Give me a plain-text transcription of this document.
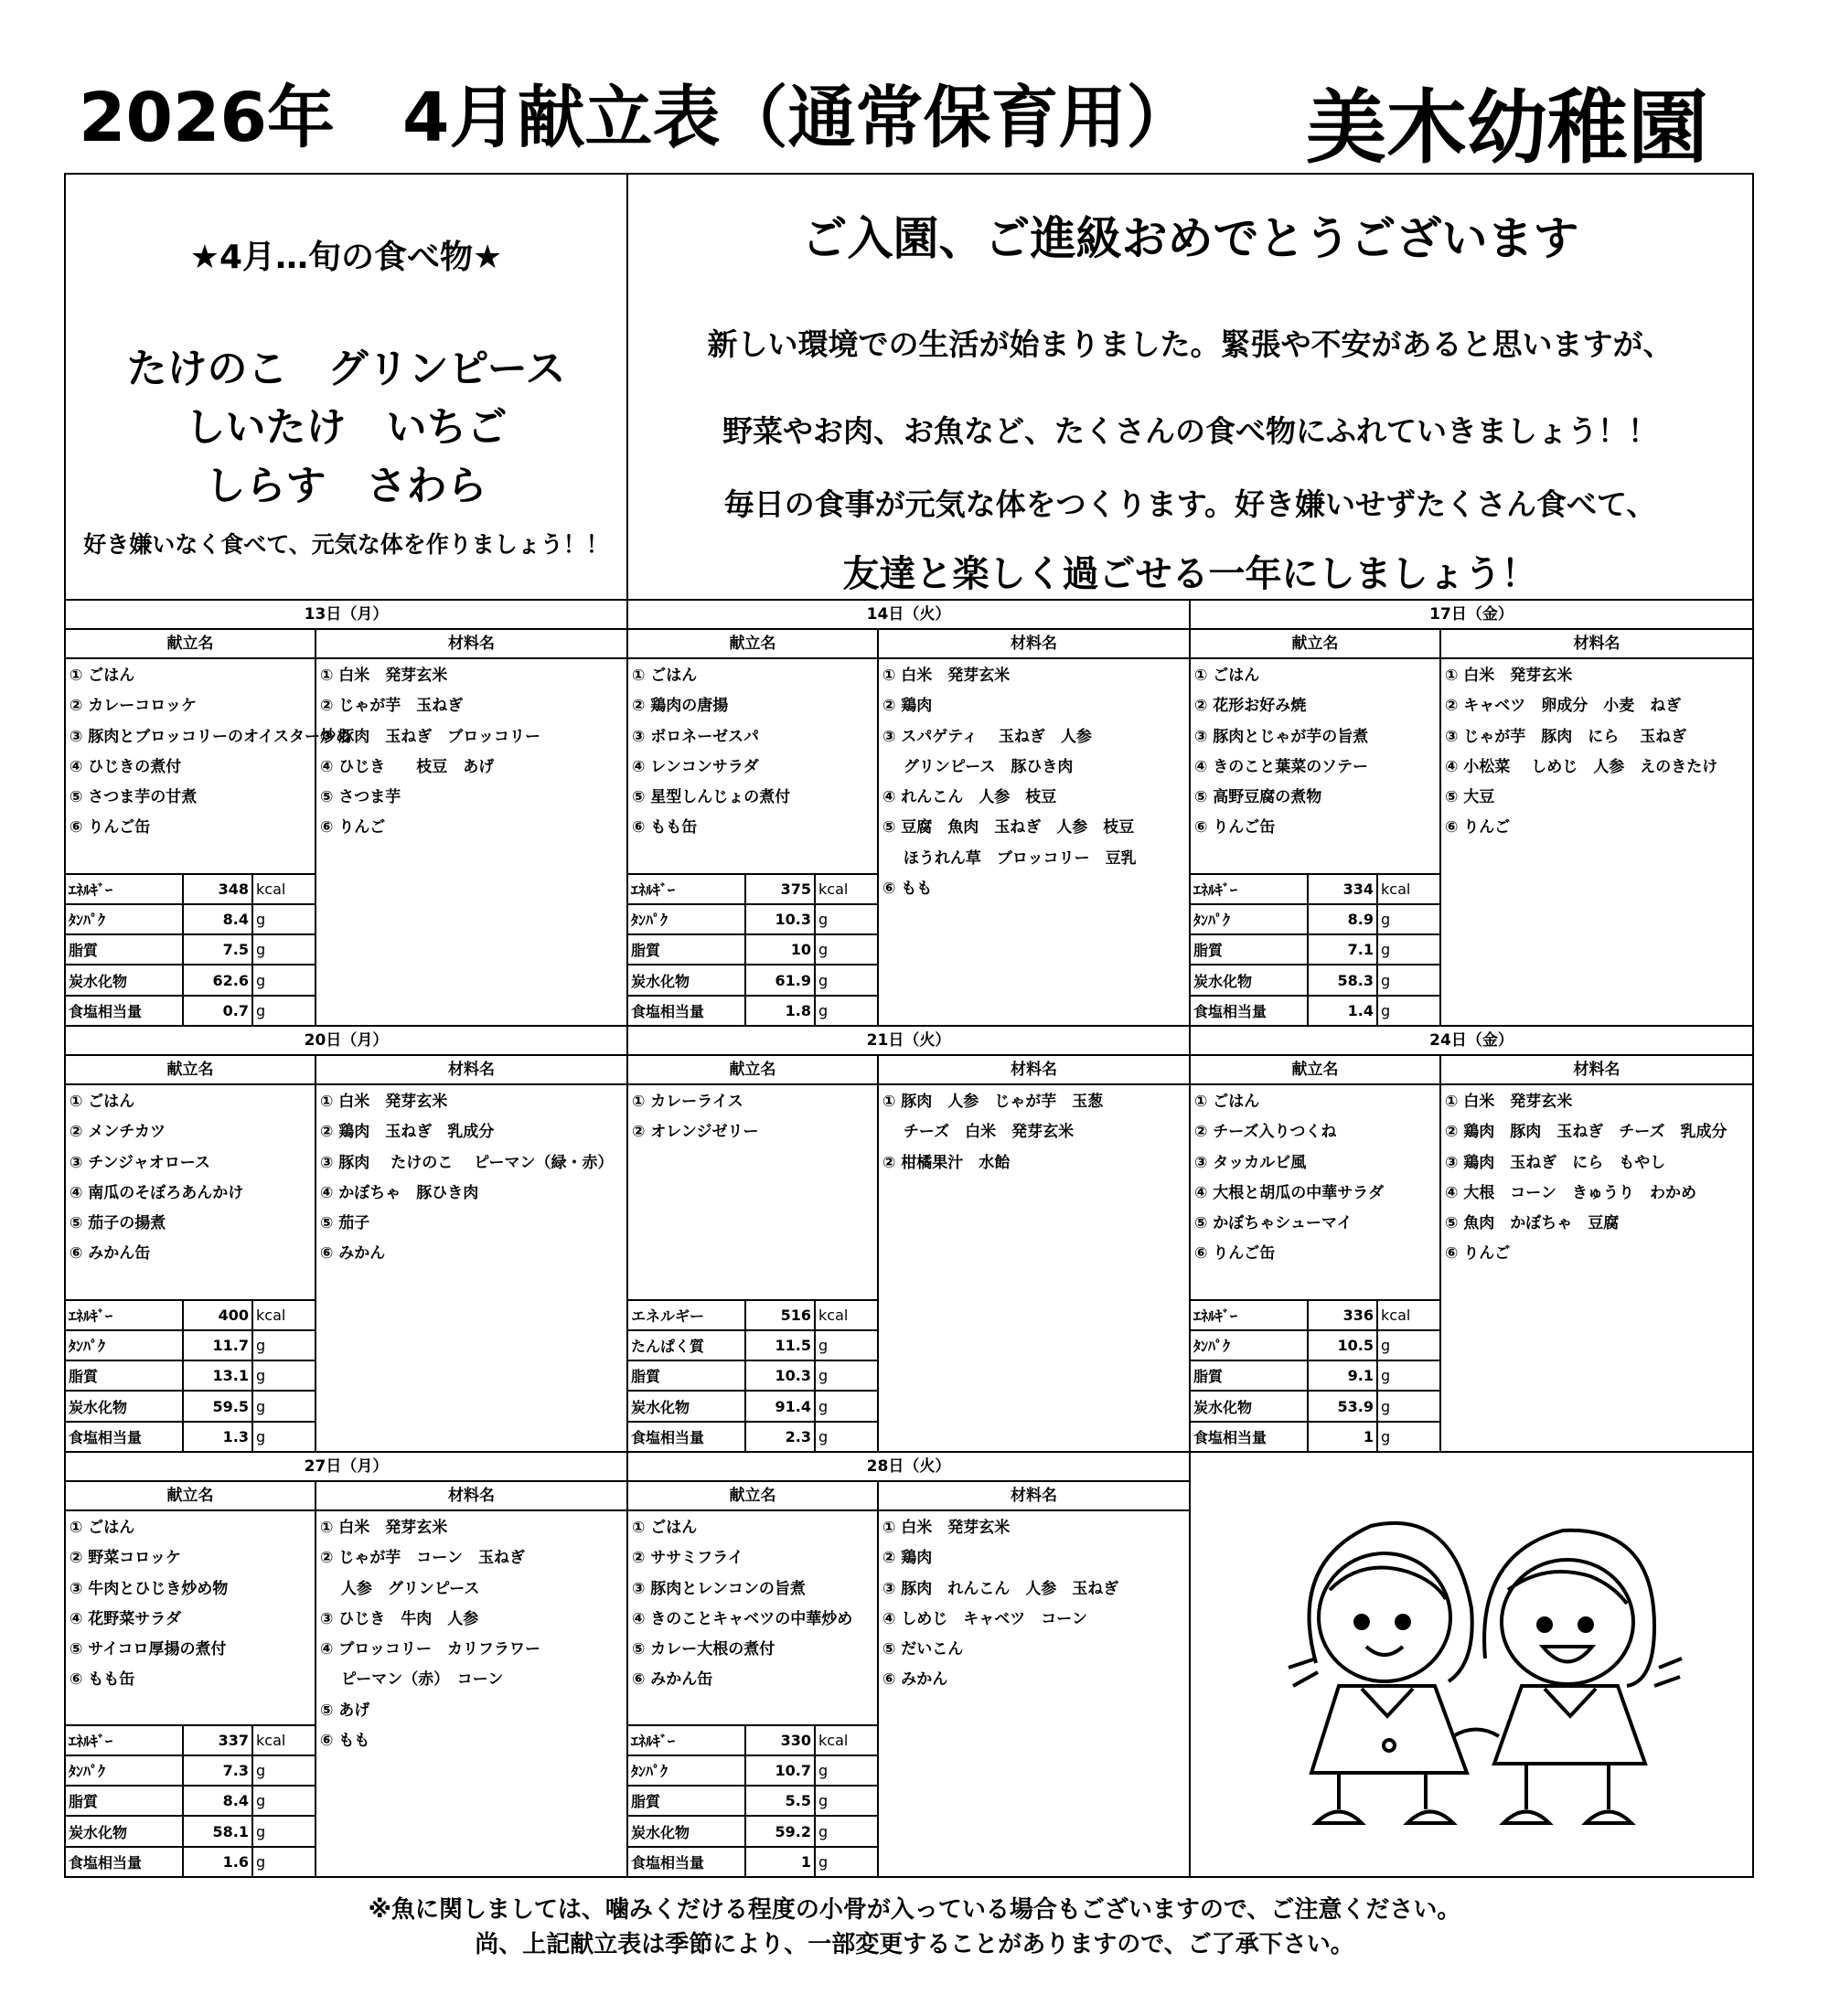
2026年　4月献立表（通常保育用） 美木幼稚園
★4月…旬の食べ物★
たけのこ　グリンピース
しいたけ　いちご
しらす　さわら
好き嫌いなく食べて、元気な体を作りましょう！！

ご入園、ご進級おめでとうございます
新しい環境での生活が始まりました。緊張や不安があると思いますが、
野菜やお肉、お魚など、たくさんの食べ物にふれていきましょう！！
毎日の食事が元気な体をつくります。好き嫌いせずたくさん食べて、
友達と楽しく過ごせる一年にしましょう！

13日（月）
献立名
① ごはん
② カレーコロッケ
③ 豚肉とブロッコリーのオイスター炒め
④ ひじきの煮付
⑤ さつま芋の甘煮
⑥ りんご缶
ｴﾈﾙｷﾞｰ	348	kcal
ﾀﾝﾊﾟｸ	8.4	g
脂質	7.5	g
炭水化物	62.6	g
食塩相当量	0.7	g
材料名
① 白米　発芽玄米
② じゃが芋　玉ねぎ
③ 豚肉　玉ねぎ　ブロッコリー
④ ひじき　　枝豆　あげ
⑤ さつま芋
⑥ りんご

14日（火）
献立名
① ごはん
② 鶏肉の唐揚
③ ボロネーゼスパ
④ レンコンサラダ
⑤ 星型しんじょの煮付
⑥ もも缶
ｴﾈﾙｷﾞｰ	375	kcal
ﾀﾝﾊﾟｸ	10.3	g
脂質	10	g
炭水化物	61.9	g
食塩相当量	1.8	g
材料名
① 白米　発芽玄米
② 鶏肉
③ スパゲティ　 玉ねぎ　人参
　 グリンピース　豚ひき肉
④ れんこん　人参　枝豆
⑤ 豆腐　魚肉　玉ねぎ　人参　枝豆
　 ほうれん草　ブロッコリー　豆乳
⑥ もも

17日（金）
献立名
① ごはん
② 花形お好み焼
③ 豚肉とじゃが芋の旨煮
④ きのこと葉菜のソテー
⑤ 高野豆腐の煮物
⑥ りんご缶
ｴﾈﾙｷﾞｰ	334	kcal
ﾀﾝﾊﾟｸ	8.9	g
脂質	7.1	g
炭水化物	58.3	g
食塩相当量	1.4	g
材料名
① 白米　発芽玄米
② キャベツ　卵成分　小麦　ねぎ
③ じゃが芋　豚肉　にら　 玉ねぎ
④ 小松菜　 しめじ　人参　えのきたけ
⑤ 大豆
⑥ りんご

20日（月）
献立名
① ごはん
② メンチカツ
③ チンジャオロース
④ 南瓜のそぼろあんかけ
⑤ 茄子の揚煮
⑥ みかん缶
ｴﾈﾙｷﾞｰ	400	kcal
ﾀﾝﾊﾟｸ	11.7	g
脂質	13.1	g
炭水化物	59.5	g
食塩相当量	1.3	g
材料名
① 白米　発芽玄米
② 鶏肉　玉ねぎ　乳成分
③ 豚肉　 たけのこ　 ピーマン（緑・赤）
④ かぼちゃ　豚ひき肉
⑤ 茄子
⑥ みかん

21日（火）
献立名
① カレーライス
② オレンジゼリー
エネルギー	516	kcal
たんぱく質	11.5	g
脂質	10.3	g
炭水化物	91.4	g
食塩相当量	2.3	g
材料名
① 豚肉　人参　じゃが芋　玉葱
　 チーズ　白米　発芽玄米
② 柑橘果汁　水飴

24日（金）
献立名
① ごはん
② チーズ入りつくね
③ タッカルビ風
④ 大根と胡瓜の中華サラダ
⑤ かぼちゃシューマイ
⑥ りんご缶
ｴﾈﾙｷﾞｰ	336	kcal
ﾀﾝﾊﾟｸ	10.5	g
脂質	9.1	g
炭水化物	53.9	g
食塩相当量	1	g
材料名
① 白米　発芽玄米
② 鶏肉　豚肉　玉ねぎ　チーズ　乳成分
③ 鶏肉　玉ねぎ　にら　もやし
④ 大根　コーン　きゅうり　わかめ
⑤ 魚肉　かぼちゃ　豆腐
⑥ りんご

27日（月）
献立名
① ごはん
② 野菜コロッケ
③ 牛肉とひじき炒め物
④ 花野菜サラダ
⑤ サイコロ厚揚の煮付
⑥ もも缶
ｴﾈﾙｷﾞｰ	337	kcal
ﾀﾝﾊﾟｸ	7.3	g
脂質	8.4	g
炭水化物	58.1	g
食塩相当量	1.6	g
材料名
① 白米　発芽玄米
② じゃが芋　コーン　玉ねぎ
　 人参　グリンピース
③ ひじき　牛肉　人参
④ ブロッコリー　カリフラワー
　 ピーマン（赤）　コーン
⑤ あげ
⑥ もも

28日（火）
献立名
① ごはん
② ササミフライ
③ 豚肉とレンコンの旨煮
④ きのことキャベツの中華炒め
⑤ カレー大根の煮付
⑥ みかん缶
ｴﾈﾙｷﾞｰ	330	kcal
ﾀﾝﾊﾟｸ	10.7	g
脂質	5.5	g
炭水化物	59.2	g
食塩相当量	1	g
材料名
① 白米　発芽玄米
② 鶏肉
③ 豚肉　れんこん　人参　玉ねぎ
④ しめじ　キャベツ　コーン
⑤ だいこん
⑥ みかん

※魚に関しましては、噛みくだける程度の小骨が入っている場合もございますので、ご注意ください。
尚、上記献立表は季節により、一部変更することがありますので、ご了承下さい。
